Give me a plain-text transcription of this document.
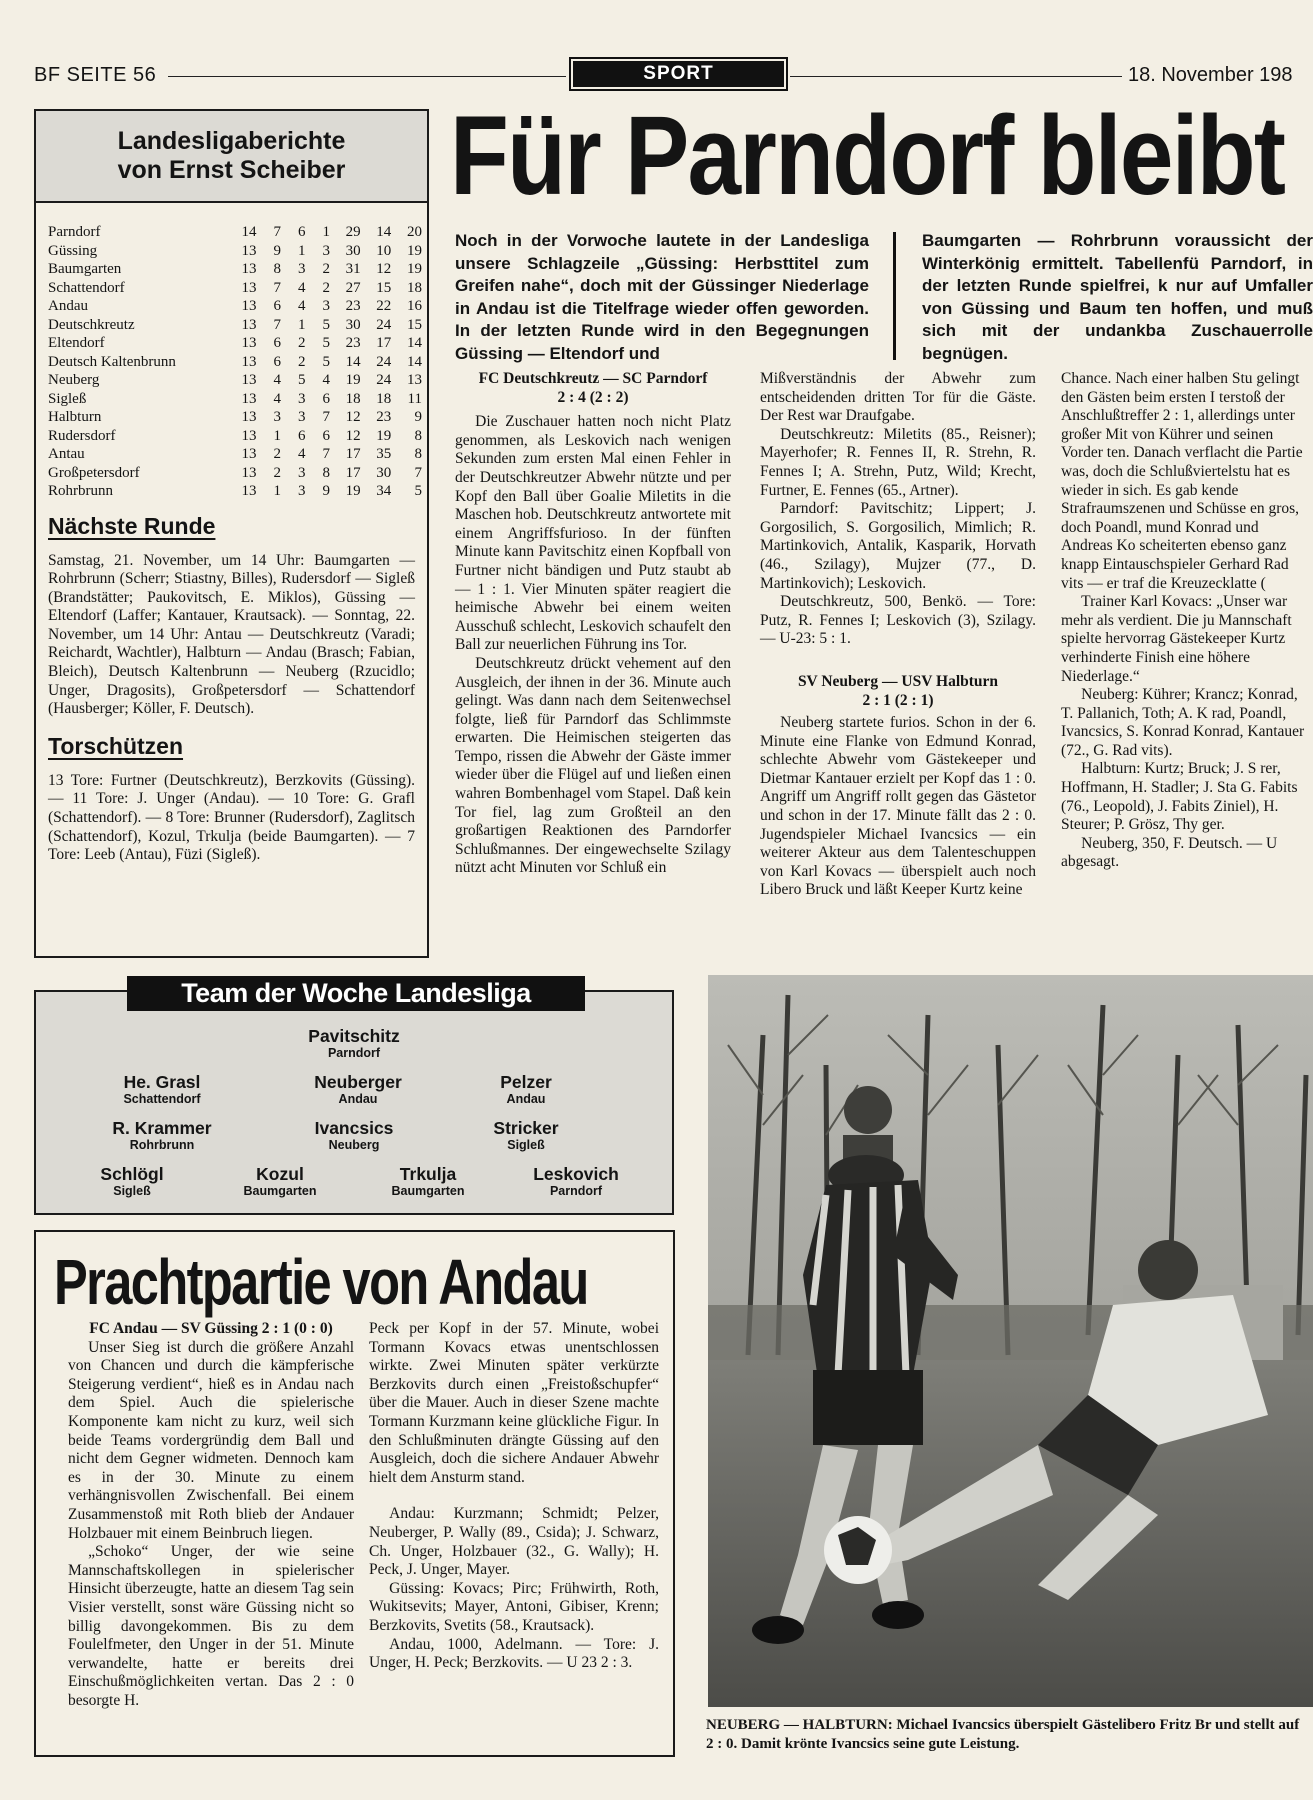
BF SEITE 56	SPORT	18. November 198
Landesligaberichte
von Ernst Scheiber
Parndorf	14	7	6	1	29	14	20
Güssing	13	9	1	3	30	10	19
Baumgarten	13	8	3	2	31	12	19
Schattendorf	13	7	4	2	27	15	18
Andau	13	6	4	3	23	22	16
Deutschkreutz	13	7	1	5	30	24	15
Eltendorf	13	6	2	5	23	17	14
Deutsch Kaltenbrunn	13	6	2	5	14	24	14
Neuberg	13	4	5	4	19	24	13
Sigleß	13	4	3	6	18	18	11
Halbturn	13	3	3	7	12	23	9
Rudersdorf	13	1	6	6	12	19	8
Antau	13	2	4	7	17	35	8
Großpetersdorf	13	2	3	8	17	30	7
Rohrbrunn	13	1	3	9	19	34	5
Nächste Runde

Samstag, 21. November, um 14 Uhr: Baumgarten — Rohrbrunn (Scherr; Stiastny, Billes), Rudersdorf — Sigleß (Brandstätter; Paukovitsch, E. Miklos), Güssing — Eltendorf (Laffer; Kantauer, Krautsack). — Sonntag, 22. November, um 14 Uhr: Antau — Deutschkreutz (Varadi; Reichardt, Wachtler), Halbturn — Andau (Brasch; Fabian, Bleich), Deutsch Kaltenbrunn — Neuberg (Rzucidlo; Unger, Dragosits), Großpetersdorf — Schattendorf (Hausberger; Köller, F. Deutsch).

Torschützen

13 Tore: Furtner (Deutschkreutz), Berzkovits (Güssing). — 11 Tore: J. Unger (Andau). — 10 Tore: G. Grafl (Schattendorf). — 8 Tore: Brunner (Rudersdorf), Zaglitsch (Schattendorf), Kozul, Trkulja (beide Baumgarten). — 7 Tore: Leeb (Antau), Füzi (Sigleß).

Für Parndorf bleibt
Noch in der Vorwoche lautete in der Landesliga unsere Schlagzeile „Güssing: Herbsttitel zum Greifen nahe“, doch mit der Güssinger Niederlage in Andau ist die Titelfrage wieder offen geworden. In der letzten Runde wird in den Begegnungen Güssing — Eltendorf und
Baumgarten — Rohrbrunn voraussicht der Winterkönig ermittelt. Tabellenfü Parndorf, in der letzten Runde spielfrei, k nur auf Umfaller von Güssing und Baum ten hoffen, und muß sich mit der undankba Zuschauerrolle begnügen.

FC Deutschkreutz — SC Parndorf

2 : 4 (2 : 2)

Die Zuschauer hatten noch nicht Platz genommen, als Leskovich nach wenigen Sekunden zum ersten Mal einen Fehler in der Deutschkreutzer Abwehr nützte und per Kopf den Ball über Goalie Miletits in die Maschen hob. Deutschkreutz antwortete mit einem Angriffsfurioso. In der fünften Minute kann Pavitschitz einen Kopfball von Furtner nicht bändigen und Putz staubt ab — 1 : 1. Vier Minuten später reagiert die heimische Abwehr bei einem weiten Ausschuß schlecht, Leskovich schaufelt den Ball zur neuerlichen Führung ins Tor.

Deutschkreutz drückt vehement auf den Ausgleich, der ihnen in der 36. Minute auch gelingt. Was dann nach dem Seitenwechsel folgte, ließ für Parndorf das Schlimmste erwarten. Die Heimischen steigerten das Tempo, rissen die Abwehr der Gäste immer wieder über die Flügel auf und ließen einen wahren Bombenhagel vom Stapel. Daß kein Tor fiel, lag zum Großteil an den großartigen Reaktionen des Parndorfer Schlußmannes. Der eingewechselte Szilagy nützt acht Minuten vor Schluß ein

Mißverständnis der Abwehr zum entscheidenden dritten Tor für die Gäste. Der Rest war Draufgabe.

Deutschkreutz: Miletits (85., Reisner); Mayerhofer; R. Fennes II, R. Strehn, R. Fennes I; A. Strehn, Putz, Wild; Krecht, Furtner, E. Fennes (65., Artner).

Parndorf: Pavitschitz; Lippert; J. Gorgosilich, S. Gorgosilich, Mimlich; R. Martinkovich, Antalik, Kasparik, Horvath (46., Szilagy), Mujzer (77., D. Martinkovich); Leskovich.

Deutschkreutz, 500, Benkö. — Tore: Putz, R. Fennes I; Leskovich (3), Szilagy. — U-23: 5 : 1.

SV Neuberg — USV Halbturn

2 : 1 (2 : 1)

Neuberg startete furios. Schon in der 6. Minute eine Flanke von Edmund Konrad, schlechte Abwehr vom Gästekeeper und Dietmar Kantauer erzielt per Kopf das 1 : 0. Angriff um Angriff rollt gegen das Gästetor und schon in der 17. Minute fällt das 2 : 0. Jugendspieler Michael Ivancsics — ein weiterer Akteur aus dem Talenteschuppen von Karl Kovacs — überspielt auch noch Libero Bruck und läßt Keeper Kurtz keine

Chance. Nach einer halben Stu gelingt den Gästen beim ersten I terstoß der Anschlußtreffer 2 : 1, allerdings unter großer Mit von Kührer und seinen Vorder ten. Danach verflacht die Partie was, doch die Schlußviertelstu hat es wieder in sich. Es gab kende Strafraumszenen und Schüsse en gros, doch Poandl, mund Konrad und Andreas Ko scheiterten ebenso ganz knapp Eintauschspieler Gerhard Rad vits — er traf die Kreuzecklatte (

Trainer Karl Kovacs: „Unser war mehr als verdient. Die ju Mannschaft spielte hervorrag Gästekeeper Kurtz verhinderte Finish eine höhere Niederlage.“

Neuberg: Kührer; Krancz; Konrad, T. Pallanich, Toth; A. K rad, Poandl, Ivancsics, S. Konrad Konrad, Kantauer (72., G. Rad vits).

Halbturn: Kurtz; Bruck; J. S rer, Hoffmann, H. Stadler; J. Sta G. Fabits (76., Leopold), J. Fabits Ziniel), H. Steurer; P. Grösz, Thy ger.

Neuberg, 350, F. Deutsch. — U abgesagt.

Pavitschitz
Parndorf
He. Grasl
Schattendorf
Neuberger
Andau
Pelzer
Andau
R. Krammer
Rohrbrunn
Ivancsics
Neuberg
Stricker
Sigleß
Schlögl
Sigleß
Kozul
Baumgarten
Trkulja
Baumgarten
Leskovich
Parndorf
Team der Woche Landesliga
Prachtpartie von Andau

FC Andau — SV Güssing 2 : 1 (0 : 0)

Unser Sieg ist durch die größere Anzahl von Chancen und durch die kämpferische Steigerung verdient“, hieß es in Andau nach dem Spiel. Auch die spielerische Komponente kam nicht zu kurz, weil sich beide Teams vordergründig dem Ball und nicht dem Gegner widmeten. Dennoch kam es in der 30. Minute zu einem verhängnisvollen Zwischenfall. Bei einem Zusammenstoß mit Roth blieb der Andauer Holzbauer mit einem Beinbruch liegen.

„Schoko“ Unger, der wie seine Mannschaftskollegen in spielerischer Hinsicht überzeugte, hatte an diesem Tag sein Visier verstellt, sonst wäre Güssing nicht so billig davongekommen. Bis zu dem Foulelfmeter, den Unger in der 51. Minute verwandelte, hatte er bereits drei Einschußmöglichkeiten vertan. Das 2 : 0 besorgte H.

Peck per Kopf in der 57. Minute, wobei Tormann Kovacs etwas unentschlossen wirkte. Zwei Minuten später verkürzte Berzkovits durch einen „Freistoßschupfer“ über die Mauer. Auch in dieser Szene machte Tormann Kurzmann keine glückliche Figur. In den Schlußminuten drängte Güssing auf den Ausgleich, doch die sichere Andauer Abwehr hielt dem Ansturm stand.

Andau: Kurzmann; Schmidt; Pelzer, Neuberger, P. Wally (89., Csida); J. Schwarz, Ch. Unger, Holzbauer (32., G. Wally); H. Peck, J. Unger, Mayer.

Güssing: Kovacs; Pirc; Frühwirth, Roth, Wukitsevits; Mayer, Antoni, Gibiser, Krenn; Berzkovits, Svetits (58., Krautsack).

Andau, 1000, Adelmann. — Tore: J. Unger, H. Peck; Berzkovits. — U 23 2 : 3.

NEUBERG — HALBTURN: Michael Ivancsics überspielt Gästelibero Fritz Br und stellt auf 2 : 0. Damit krönte Ivancsics seine gute Leistung.
